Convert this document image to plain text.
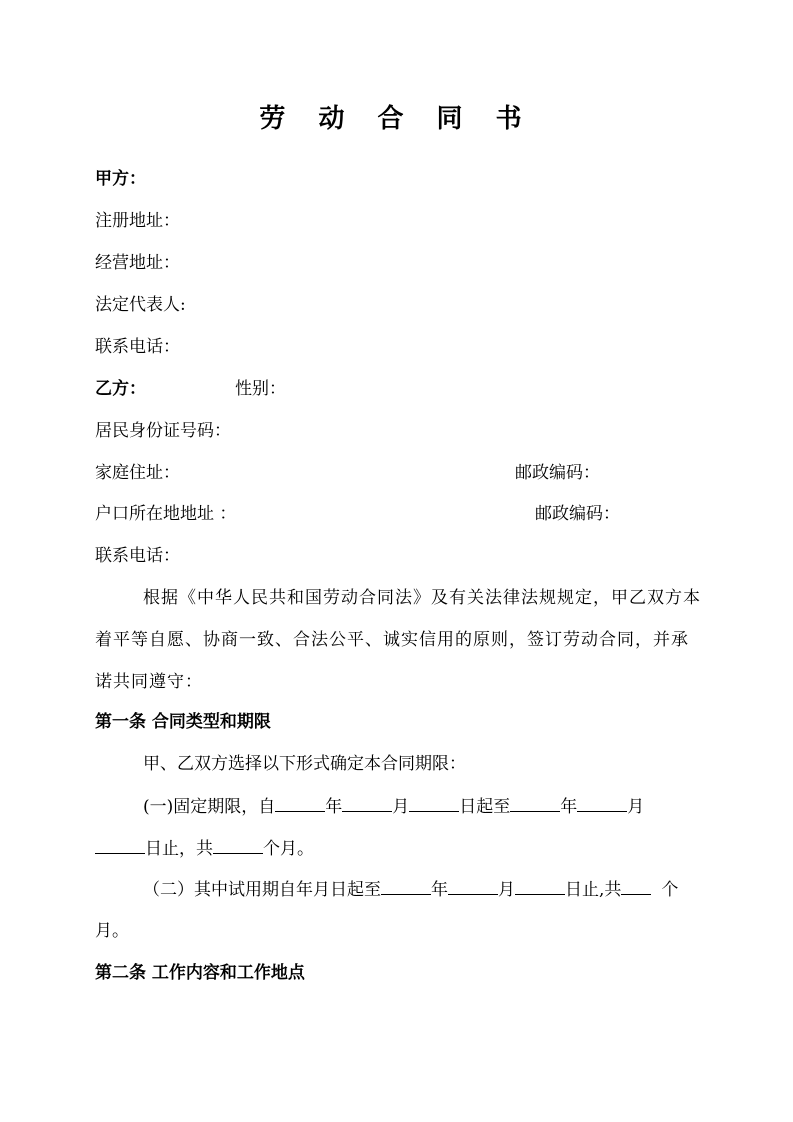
劳 动 合 同 书
甲方：
注册地址：
经营地址：
法定代表人:
联系电话：
乙方：	性别：
居民身份证号码：
家庭住址：	邮政编码：
户口所在地地址 ：	邮政编码：
联系电话：
根据《中华人民共和国劳动合同法》及有关法律法规规定，甲乙双方本着平等自愿、协商一致、合法公平、诚实信用的原则，签订劳动合同，并承诺共同遵守：
第一条 合同类型和期限
甲、乙双方选择以下形式确定本合同期限：
(一)固定期限，自	年	月	日起至	年	月
日止，共	个月。
（二）其中试用期自年月日起至	年	月	日止,共 个
月。
第二条 工作内容和工作地点
